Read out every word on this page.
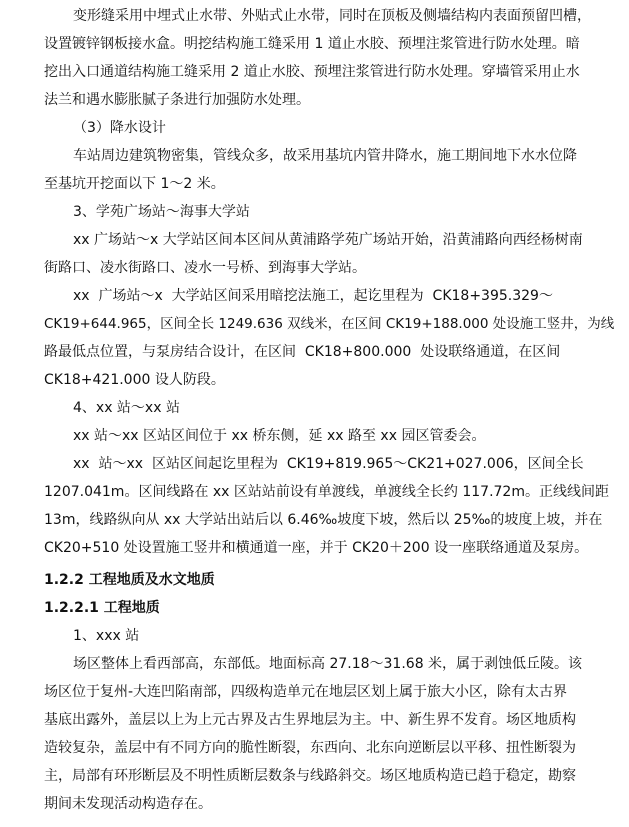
变形缝采用中埋式止水带、外贴式止水带，同时在顶板及侧墙结构内表面预留凹槽，
设置镀锌钢板接水盒。明挖结构施工缝采用 1 道止水胶、预埋注浆管进行防水处理。暗
挖出入口通道结构施工缝采用 2 道止水胶、预埋注浆管进行防水处理。穿墙管采用止水
法兰和遇水膨胀腻子条进行加强防水处理。
（3）降水设计
车站周边建筑物密集，管线众多，故采用基坑内管井降水，施工期间地下水水位降
至基坑开挖面以下 1～2 米。
3、学苑广场站～海事大学站
xx 广场站～x 大学站区间本区间从黄浦路学苑广场站开始，沿黄浦路向西经杨树南
街路口、凌水街路口、凌水一号桥、到海事大学站。
xx  广场站～x  大学站区间采用暗挖法施工，起讫里程为  CK18+395.329～
CK19+644.965，区间全长 1249.636 双线米，在区间 CK19+188.000 处设施工竖井，为线
路最低点位置，与泵房结合设计，在区间  CK18+800.000  处设联络通道，在区间
CK18+421.000 设人防段。
4、xx 站～xx 站
xx 站～xx 区站区间位于 xx 桥东侧，延 xx 路至 xx 园区管委会。
xx  站～xx  区站区间起讫里程为  CK19+819.965～CK21+027.006，区间全长
1207.041m。区间线路在 xx 区站站前设有单渡线，单渡线全长约 117.72m。正线线间距
13m，线路纵向从 xx 大学站出站后以 6.46‰坡度下坡，然后以 25‰的坡度上坡，并在
CK20+510 处设置施工竖井和横通道一座，并于 CK20＋200 设一座联络通道及泵房。
1.2.2 工程地质及水文地质
1.2.2.1 工程地质
1、xxx 站
场区整体上看西部高，东部低。地面标高 27.18～31.68 米，属于剥蚀低丘陵。该
场区位于复州-大连凹陷南部，四级构造单元在地层区划上属于旅大小区，除有太古界
基底出露外，盖层以上为上元古界及古生界地层为主。中、新生界不发育。场区地质构
造较复杂，盖层中有不同方向的脆性断裂，东西向、北东向逆断层以平移、扭性断裂为
主，局部有环形断层及不明性质断层数条与线路斜交。场区地质构造已趋于稳定，勘察
期间未发现活动构造存在。
